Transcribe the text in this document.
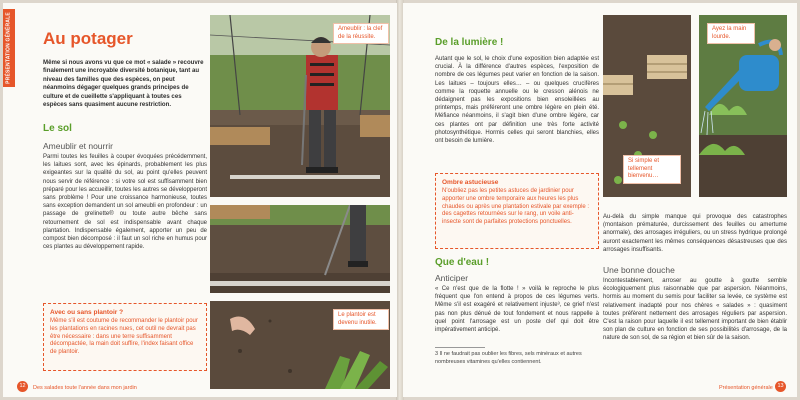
PRÉSENTATION GÉNÉRALE Au potager
Même si nous avons vu que ce mot « salade » recouvre finalement une incroyable diversité botanique, tant au niveau des familles que des espèces, on peut néanmoins dégager quelques grands principes de culture et de cueillette s'appliquant à toutes ces espèces sans quasiment aucune restriction.
Le sol
Ameublir et nourrir
Parmi toutes les feuilles à couper évoquées précédemment, les laitues sont, avec les épinards, probablement les plus exigeantes sur la qualité du sol, au point qu'elles peuvent nous servir de référence : si votre sol est suffisamment bien préparé pour les accueillir, toutes les autres se développeront sans problème ! Pour une croissance harmonieuse, toutes sans exception demandent un sol ameubli en profondeur : un passage de grelinette® ou toute autre bêche sans retournement de sol est indispensable avant chaque plantation. Indispensable également, apporter un peu de compost bien décomposé : il faut un sol riche en humus pour ces plantes au développement rapide.
Avec ou sans plantoir ?
Même s'il est coutume de recommander le plantoir pour les plantations en racines nues, cet outil ne devrait pas être nécessaire : dans une terre suffisamment décompactée, la main doit suffire, l'index faisant office de plantoir.
Ameublir : la clef de la réussite.
Le plantoir est devenu inutile.
12	Des salades toute l'année dans mon jardin
De la lumière !
Autant que le sol, le choix d'une exposition bien adaptée est crucial. À la différence d'autres espèces, l'exposition de nombre de ces légumes peut varier en fonction de la saison. Les laitues – toujours elles… – ou quelques crucifères comme la roquette annuelle ou le cresson alénois ne dédaignent pas les expositions bien ensoleillées au printemps, mais préféreront une ombre légère en plein été. Méfiance néanmoins, il s'agit bien d'une ombre légère, car ces plantes ont par définition une très forte activité photosynthétique. Hormis celles qui seront blanchies, elles ont besoin de lumière.
Ombre astucieuse
N'oubliez pas les petites astuces de jardinier pour apporter une ombre temporaire aux heures les plus chaudes ou après une plantation estivale par exemple : des cagettes retournées sur le rang, un voile anti-insecte sont de parfaites protections ponctuelles.
Que d'eau !
Anticiper
« Ce n'est que de la flotte ! » voilà le reproche le plus fréquent que l'on entend à propos de ces légumes verts. Même s'il est exagéré et relativement injuste³, ce grief n'est pas non plus dénué de tout fondement et nous rappelle à quel point l'arrosage est un poste clef qui doit être impérativement anticipé.
3 Il ne faudrait pas oublier les fibres, sels minéraux et autres nombreuses vitamines qu'elles contiennent.
Si simple et tellement bienvenu…
Ayez la main lourde.
Au-delà du simple manque qui provoque des catastrophes (montaison prématurée, durcissement des feuilles ou amertume anormale), des arrosages irréguliers, ou un stress hydrique prolongé auront exactement les mêmes conséquences désastreuses que des arrosages insuffisants.
Une bonne douche
Incontestablement, arroser au goutte à goutte semble écologiquement plus raisonnable que par aspersion. Néanmoins, hormis au moment du semis pour faciliter sa levée, ce système est relativement inadapté pour nos chères « salades » : quasiment toutes préfèrent nettement des arrosages réguliers par aspersion. C'est la raison pour laquelle il est tellement important de bien établir son plan de culture en fonction de ses possibilités d'arrosage, de la nature de son sol, de sa région et bien sûr de la saison.
Présentation générale 13
